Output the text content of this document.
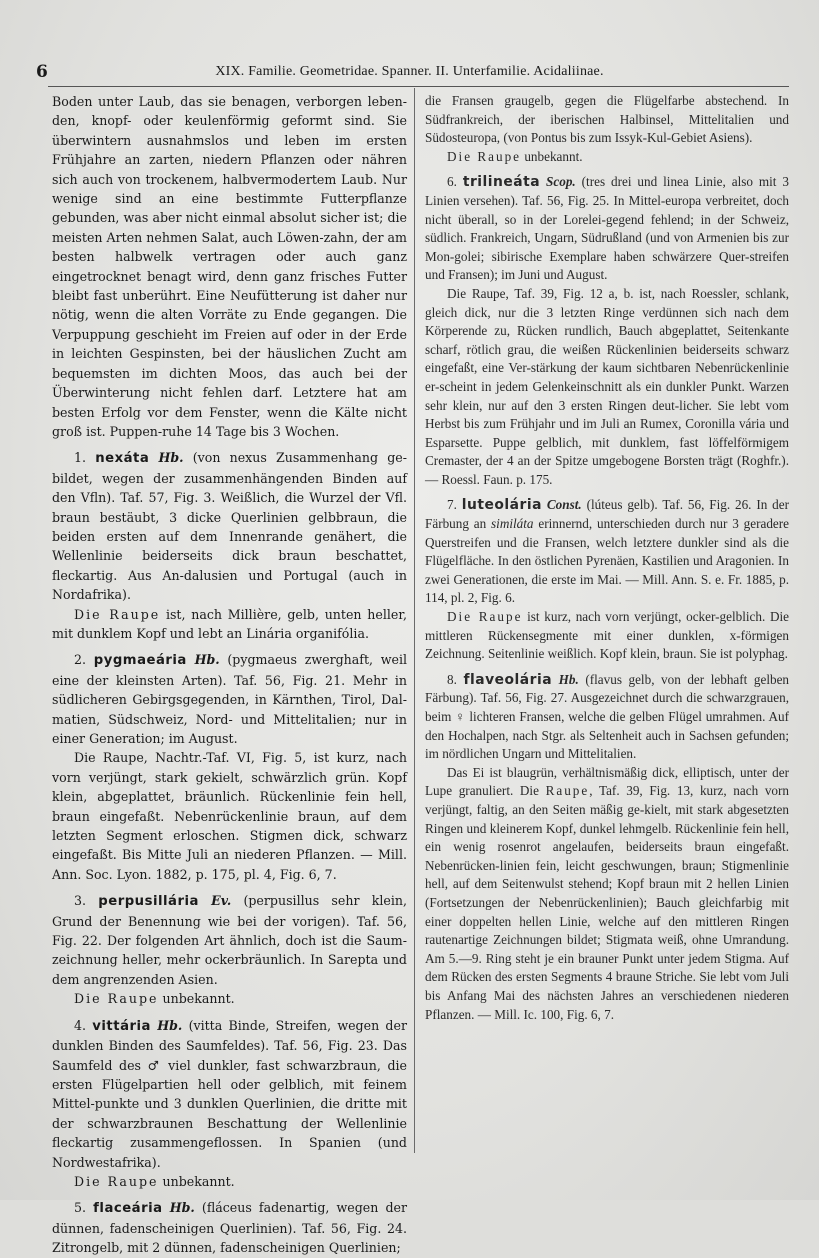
6	XIX. Familie. Geometridae. Spanner. II. Unterfamilie. Acidaliinae.

Boden unter Laub, das sie benagen, verborgen leben-den, knopf- oder keulenförmig geformt sind. Sie überwintern ausnahmslos und leben im ersten Frühjahre an zarten, niedern Pflanzen oder nähren sich auch von trockenem, halbvermodertem Laub. Nur wenige sind an eine bestimmte Futterpflanze gebunden, was aber nicht einmal absolut sicher ist; die meisten Arten nehmen Salat, auch Löwen-zahn, der am besten halbwelk vertragen oder auch ganz eingetrocknet benagt wird, denn ganz frisches Futter bleibt fast unberührt. Eine Neufütterung ist daher nur nötig, wenn die alten Vorräte zu Ende gegangen. Die Verpuppung geschieht im Freien auf oder in der Erde in leichten Gespinsten, bei der häuslichen Zucht am bequemsten im dichten Moos, das auch bei der Überwinterung nicht fehlen darf. Letztere hat am besten Erfolg vor dem Fenster, wenn die Kälte nicht groß ist. Puppen-ruhe 14 Tage bis 3 Wochen.

1. nexáta Hb. (von nexus Zusammenhang ge-bildet, wegen der zusammenhängenden Binden auf den Vfln). Taf. 57, Fig. 3. Weißlich, die Wurzel der Vfl. braun bestäubt, 3 dicke Querlinien gelbbraun, die beiden ersten auf dem Innenrande genähert, die Wellenlinie beiderseits dick braun beschattet, fleckartig. Aus An-dalusien und Portugal (auch in Nordafrika).

Die Raupe ist, nach Millière, gelb, unten heller, mit dunklem Kopf und lebt an Linária organifólia.

2. pygmaeária Hb. (pygmaeus zwerghaft, weil eine der kleinsten Arten). Taf. 56, Fig. 21. Mehr in südlicheren Gebirgsgegenden, in Kärnthen, Tirol, Dal-matien, Südschweiz, Nord- und Mittelitalien; nur in einer Generation; im August.

Die Raupe, Nachtr.-Taf. VI, Fig. 5, ist kurz, nach vorn verjüngt, stark gekielt, schwärzlich grün. Kopf klein, abgeplattet, bräunlich. Rückenlinie fein hell, braun eingefaßt. Nebenrückenlinie braun, auf dem letzten Segment erloschen. Stigmen dick, schwarz eingefaßt. Bis Mitte Juli an niederen Pflanzen. — Mill. Ann. Soc. Lyon. 1882, p. 175, pl. 4, Fig. 6, 7.

3. perpusillária Ev. (perpusillus sehr klein, Grund der Benennung wie bei der vorigen). Taf. 56, Fig. 22. Der folgenden Art ähnlich, doch ist die Saum-zeichnung heller, mehr ockerbräunlich. In Sarepta und dem angrenzenden Asien.

Die Raupe unbekannt.

4. vittária Hb. (vitta Binde, Streifen, wegen der dunklen Binden des Saumfeldes). Taf. 56, Fig. 23. Das Saumfeld des ♂ viel dunkler, fast schwarzbraun, die ersten Flügelpartien hell oder gelblich, mit feinem Mittel-punkte und 3 dunklen Querlinien, die dritte mit der schwarzbraunen Beschattung der Wellenlinie fleckartig zusammengeflossen. In Spanien (und Nordwestafrika).

Die Raupe unbekannt.

5. flaceária Hb. (fláceus fadenartig, wegen der dünnen, fadenscheinigen Querlinien). Taf. 56, Fig. 24. Zitrongelb, mit 2 dünnen, fadenscheinigen Querlinien;

die Fransen graugelb, gegen die Flügelfarbe abstechend. In Südfrankreich, der iberischen Halbinsel, Mittelitalien und Südosteuropa, (von Pontus bis zum Issyk-Kul-Gebiet Asiens).

Die Raupe unbekannt.

6. trilineáta Scop. (tres drei und linea Linie, also mit 3 Linien versehen). Taf. 56, Fig. 25. In Mittel-europa verbreitet, doch nicht überall, so in der Lorelei-gegend fehlend; in der Schweiz, südlich. Frankreich, Ungarn, Südrußland (und von Armenien bis zur Mon-golei; sibirische Exemplare haben schwärzere Quer-streifen und Fransen); im Juni und August.

Die Raupe, Taf. 39, Fig. 12 a, b. ist, nach Roessler, schlank, gleich dick, nur die 3 letzten Ringe verdünnen sich nach dem Körperende zu, Rücken rundlich, Bauch abgeplattet, Seitenkante scharf, rötlich grau, die weißen Rückenlinien beiderseits schwarz eingefaßt, eine Ver-stärkung der kaum sichtbaren Nebenrückenlinie er-scheint in jedem Gelenkeinschnitt als ein dunkler Punkt. Warzen sehr klein, nur auf den 3 ersten Ringen deut-licher. Sie lebt vom Herbst bis zum Frühjahr und im Juli an Rumex, Coronilla vária und Esparsette. Puppe gelblich, mit dunklem, fast löffelförmigem Cremaster, der 4 an der Spitze umgebogene Borsten trägt (Roghfr.). — Roessl. Faun. p. 175.

7. luteolária Const. (lúteus gelb). Taf. 56, Fig. 26. In der Färbung an similáta erinnernd, unterschieden durch nur 3 geradere Querstreifen und die Fransen, welch letztere dunkler sind als die Flügelfläche. In den östlichen Pyrenäen, Kastilien und Aragonien. In zwei Generationen, die erste im Mai. — Mill. Ann. S. e. Fr. 1885, p. 114, pl. 2, Fig. 6.

Die Raupe ist kurz, nach vorn verjüngt, ocker-gelblich. Die mittleren Rückensegmente mit einer dunklen, x-förmigen Zeichnung. Seitenlinie weißlich. Kopf klein, braun. Sie ist polyphag.

8. flaveolária Hb. (flavus gelb, von der lebhaft gelben Färbung). Taf. 56, Fig. 27. Ausgezeichnet durch die schwarzgrauen, beim ♀ lichteren Fransen, welche die gelben Flügel umrahmen. Auf den Hochalpen, nach Stgr. als Seltenheit auch in Sachsen gefunden; im nördlichen Ungarn und Mittelitalien.

Das Ei ist blaugrün, verhältnismäßig dick, elliptisch, unter der Lupe granuliert. Die Raupe, Taf. 39, Fig. 13, kurz, nach vorn verjüngt, faltig, an den Seiten mäßig ge-kielt, mit stark abgesetzten Ringen und kleinerem Kopf, dunkel lehmgelb. Rückenlinie fein hell, ein wenig rosenrot angelaufen, beiderseits braun eingefaßt. Nebenrücken-linien fein, leicht geschwungen, braun; Stigmenlinie hell, auf dem Seitenwulst stehend; Kopf braun mit 2 hellen Linien (Fortsetzungen der Nebenrückenlinien); Bauch gleichfarbig mit einer doppelten hellen Linie, welche auf den mittleren Ringen rautenartige Zeichnungen bildet; Stigmata weiß, ohne Umrandung. Am 5.—9. Ring steht je ein brauner Punkt unter jedem Stigma. Auf dem Rücken des ersten Segments 4 braune Striche. Sie lebt vom Juli bis Anfang Mai des nächsten Jahres an verschiedenen niederen Pflanzen. — Mill. Ic. 100, Fig. 6, 7.
